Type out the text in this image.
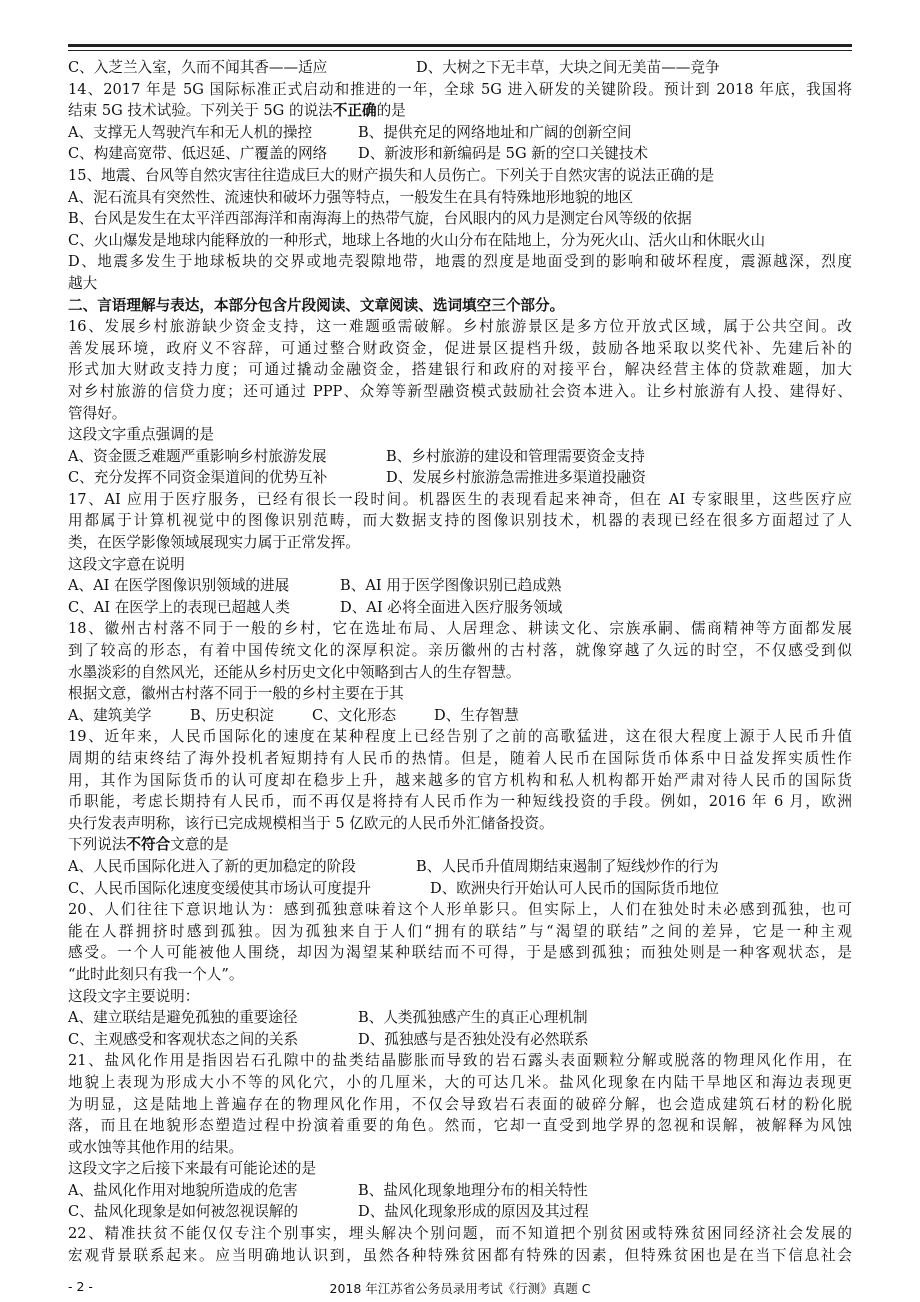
C、入芝兰入室，久而不闻其香——适应	D、大树之下无丰草，大块之间无美苗——竞争
14、2017 年是 5G 国际标准正式启动和推进的一年，全球 5G 进入研发的关键阶段。预计到 2018 年底，我国将
结束 5G 技术试验。下列关于 5G 的说法不正确的是
A、支撑无人驾驶汽车和无人机的操控	B、提供充足的网络地址和广阔的创新空间
C、构建高宽带、低迟延、广覆盖的网络 D、新波形和新编码是 5G 新的空口关键技术
15、地震、台风等自然灾害往往造成巨大的财产损失和人员伤亡。下列关于自然灾害的说法正确的是
A、泥石流具有突然性、流速快和破坏力强等特点，一般发生在具有特殊地形地貌的地区
B、台风是发生在太平洋西部海洋和南海海上的热带气旋，台风眼内的风力是测定台风等级的依据
C、火山爆发是地球内能释放的一种形式，地球上各地的火山分布在陆地上，分为死火山、活火山和休眠火山
D、地震多发生于地球板块的交界或地壳裂隙地带，地震的烈度是地面受到的影响和破坏程度，震源越深，烈度
越大
二、言语理解与表达，本部分包含片段阅读、文章阅读、选词填空三个部分。
16、发展乡村旅游缺少资金支持，这一难题亟需破解。乡村旅游景区是多方位开放式区域，属于公共空间。改
善发展环境，政府义不容辞，可通过整合财政资金，促进景区提档升级，鼓励各地采取以奖代补、先建后补的
形式加大财政支持力度；可通过撬动金融资金，搭建银行和政府的对接平台，解决经营主体的贷款难题，加大
对乡村旅游的信贷力度；还可通过 PPP、众筹等新型融资模式鼓励社会资本进入。让乡村旅游有人投、建得好、
管得好。
这段文字重点强调的是
A、资金匮乏难题严重影响乡村旅游发展	B、乡村旅游的建设和管理需要资金支持
C、充分发挥不同资金渠道间的优势互补	D、发展乡村旅游急需推进多渠道投融资
17、AI 应用于医疗服务，已经有很长一段时间。机器医生的表现看起来神奇，但在 AI 专家眼里，这些医疗应
用都属于计算机视觉中的图像识别范畴，而大数据支持的图像识别技术，机器的表现已经在很多方面超过了人
类，在医学影像领域展现实力属于正常发挥。
这段文字意在说明
A、AI 在医学图像识别领域的进展	B、AI 用于医学图像识别已趋成熟
C、AI 在医学上的表现已超越人类	D、AI 必将全面进入医疗服务领域
18、徽州古村落不同于一般的乡村，它在选址布局、人居理念、耕读文化、宗族承嗣、儒商精神等方面都发展
到了较高的形态，有着中国传统文化的深厚积淀。亲历徽州的古村落，就像穿越了久远的时空，不仅感受到似
水墨淡彩的自然风光，还能从乡村历史文化中领略到古人的生存智慧。
根据文意，徽州古村落不同于一般的乡村主要在于其
A、建筑美学	B、历史积淀	C、文化形态	D、生存智慧
19、近年来，人民币国际化的速度在某种程度上已经告别了之前的高歌猛进，这在很大程度上源于人民币升值
周期的结束终结了海外投机者短期持有人民币的热情。但是，随着人民币在国际货币体系中日益发挥实质性作
用，其作为国际货币的认可度却在稳步上升，越来越多的官方机构和私人机构都开始严肃对待人民币的国际货
币职能，考虑长期持有人民币，而不再仅是将持有人民币作为一种短线投资的手段。例如，2016 年 6 月，欧洲
央行发表声明称，该行已完成规模相当于 5 亿欧元的人民币外汇储备投资。
下列说法不符合文意的是
A、人民币国际化进入了新的更加稳定的阶段	B、人民币升值周期结束遏制了短线炒作的行为
C、人民币国际化速度变缓使其市场认可度提升	D、欧洲央行开始认可人民币的国际货币地位
20、人们往往下意识地认为：感到孤独意味着这个人形单影只。但实际上，人们在独处时未必感到孤独，也可
能在人群拥挤时感到孤独。因为孤独来自于人们“拥有的联结”与“渴望的联结”之间的差异，它是一种主观
感受。一个人可能被他人围绕，却因为渴望某种联结而不可得，于是感到孤独；而独处则是一种客观状态，是
“此时此刻只有我一个人”。
这段文字主要说明：
A、建立联结是避免孤独的重要途径	B、人类孤独感产生的真正心理机制
C、主观感受和客观状态之间的关系	D、孤独感与是否独处没有必然联系
21、盐风化作用是指因岩石孔隙中的盐类结晶膨胀而导致的岩石露头表面颗粒分解或脱落的物理风化作用，在
地貌上表现为形成大小不等的风化穴，小的几厘米，大的可达几米。盐风化现象在内陆干旱地区和海边表现更
为明显，这是陆地上普遍存在的物理风化作用，不仅会导致岩石表面的破碎分解，也会造成建筑石材的粉化脱
落，而且在地貌形态塑造过程中扮演着重要的角色。然而，它却一直受到地学界的忽视和误解，被解释为风蚀
或水蚀等其他作用的结果。
这段文字之后接下来最有可能论述的是
A、盐风化作用对地貌所造成的危害	B、盐风化现象地理分布的相关特性
C、盐风化现象是如何被忽视误解的	D、盐风化现象形成的原因及其过程
22、精准扶贫不能仅仅专注个别事实，埋头解决个别问题，而不知道把个别贫困或特殊贫困同经济社会发展的
宏观背景联系起来。应当明确地认识到，虽然各种特殊贫困都有特殊的因素，但特殊贫困也是在当下信息社会
- 2 -	2018 年江苏省公务员录用考试《行测》真题 C
